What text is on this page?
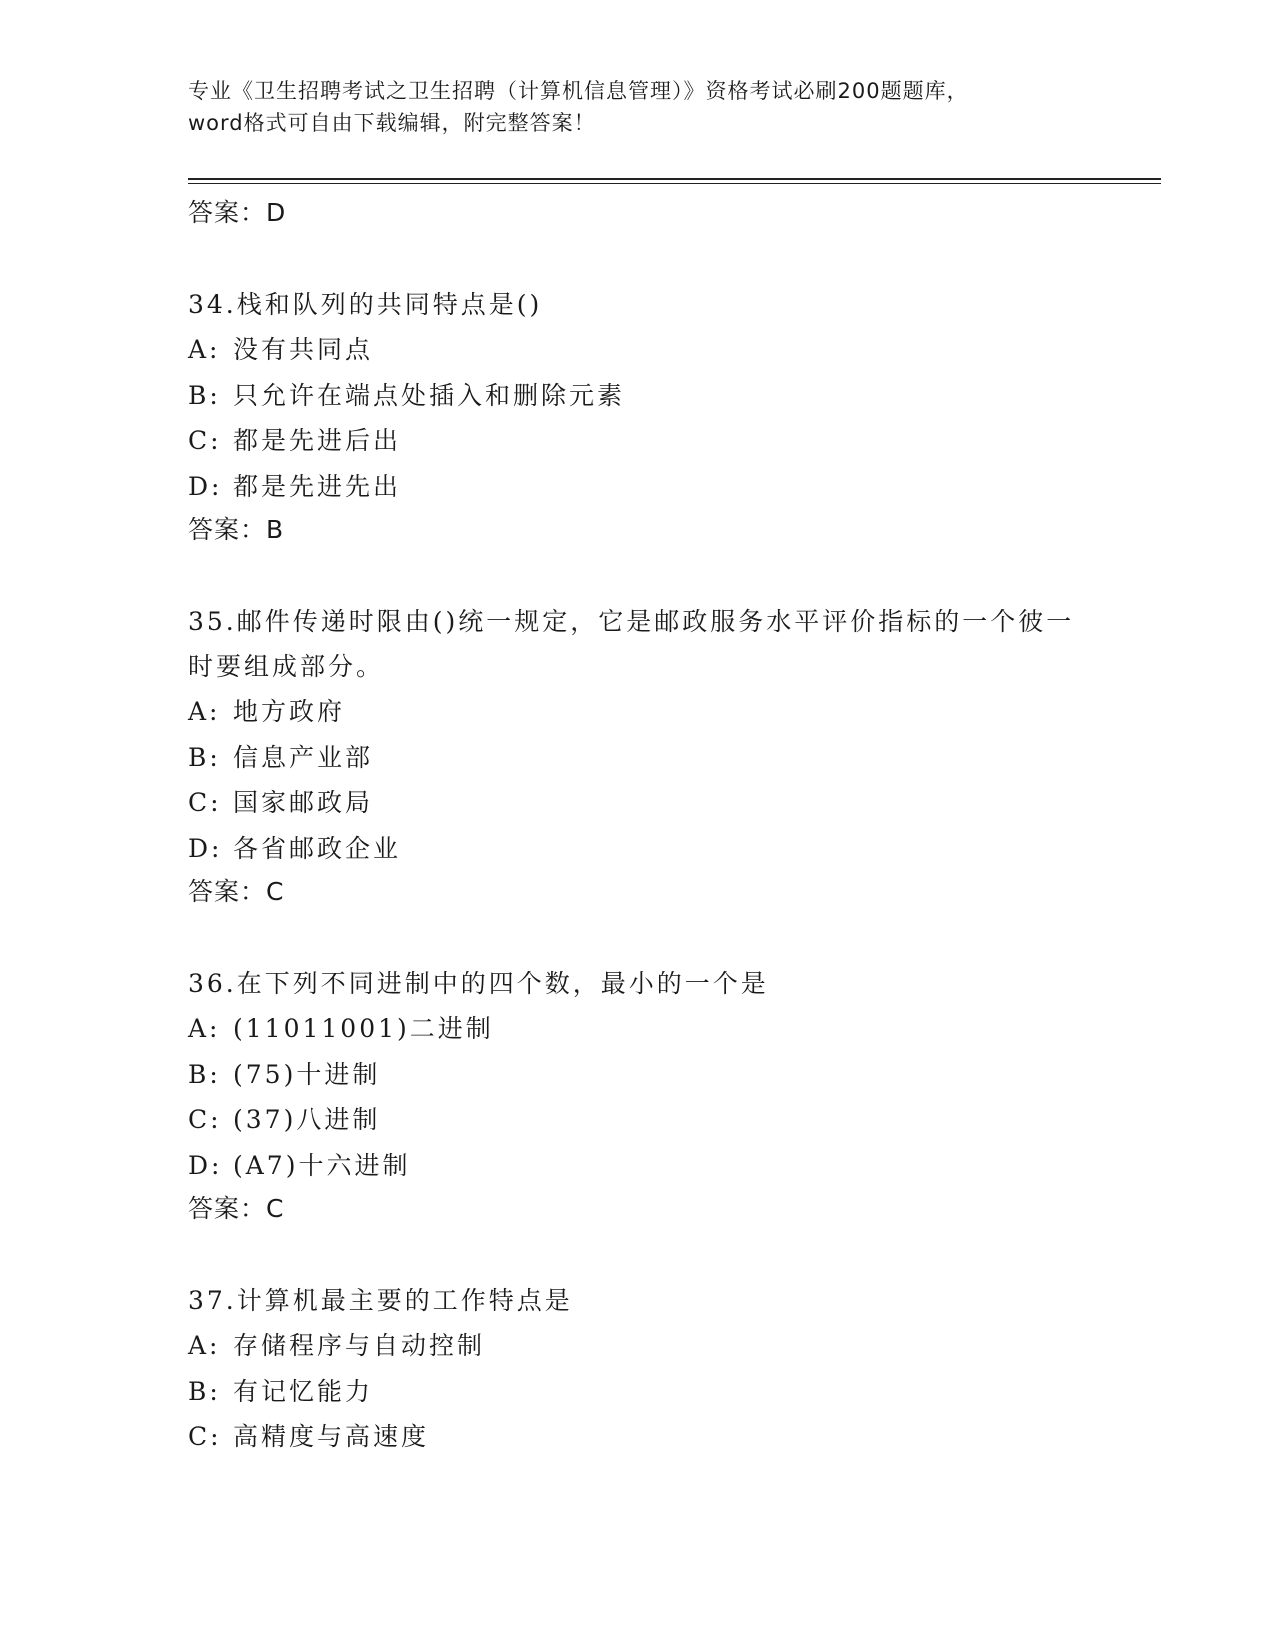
专业《卫生招聘考试之卫生招聘（计算机信息管理）》资格考试必刷200题题库，
word格式可自由下载编辑，附完整答案！
答案：D
34.栈和队列的共同特点是()
A: 没有共同点
B: 只允许在端点处插入和删除元素
C: 都是先进后出
D: 都是先进先出
答案：B
35.邮件传递时限由()统一规定，它是邮政服务水平评价指标的一个彼一时要组成部分。
A: 地方政府
B: 信息产业部
C: 国家邮政局
D: 各省邮政企业
答案：C
36.在下列不同进制中的四个数，最小的一个是
A: (11011001)二进制
B: (75)十进制
C: (37)八进制
D: (A7)十六进制
答案：C
37.计算机最主要的工作特点是
A: 存储程序与自动控制
B: 有记忆能力
C: 高精度与高速度
